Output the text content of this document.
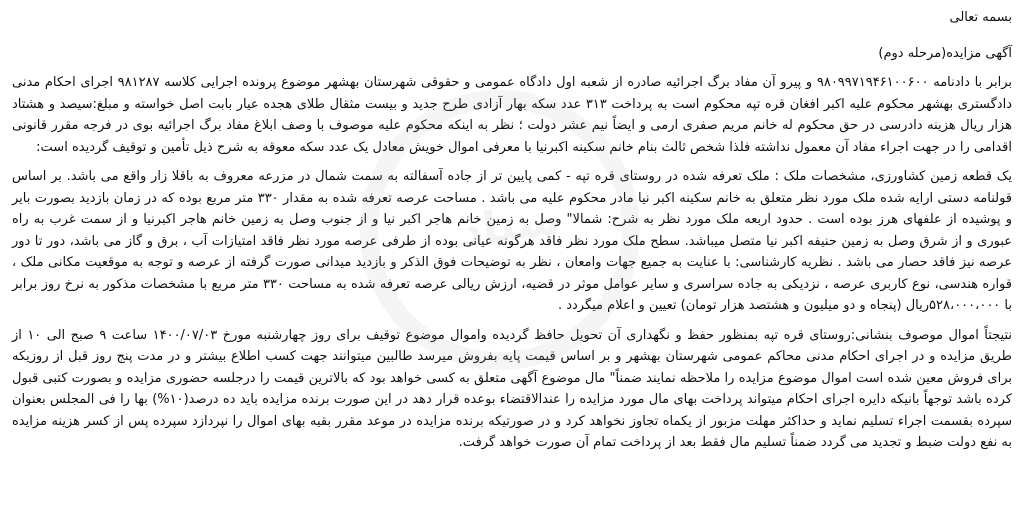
ستاد
بسمه تعالی
آگهی مزایده(مرحله دوم)

برابر با دادنامه ۹۸۰۹۹۷۱۹۴۶۱۰۰۶۰۰ و پیرو آن مفاد برگ اجرائیه صادره از شعبه اول دادگاه عمومی و حقوقی شهرستان بهشهر موضوع پرونده اجرایی کلاسه ۹۸۱۲۸۷ اجرای احکام مدنی دادگستری بهشهر محکوم علیه اکبر افغان قره تپه محکوم است به پرداخت ۳۱۳ عدد سکه بهار آزادی طرح جدید و بیست مثقال طلای هجده عیار بابت اصل خواسته و مبلغ:سیصد و هشتاد هزار ریال هزینه دادرسی در حق محکوم له خانم مریم صفری ارمی و ایضاً نیم عشر دولت ؛ نظر به اینکه محکوم علیه موصوف با وصف ابلاغ مفاد برگ اجرائیه بوی در فرجه مقرر قانونی اقدامی را در جهت اجراء مفاد آن معمول نداشته فلذا شخص ثالث بنام خانم سکینه اکبرنیا با معرفی اموال خویش معادل یک عدد سکه معوقه به شرح ذیل تأمین و توقیف گردیده است:

یک قطعه زمین کشاورزی، مشخصات ملک : ملک تعرفه شده در روستای قره تپه - کمی پایین تر از جاده آسفالته به سمت شمال در مزرعه معروف به باقلا زار واقع می باشد. بر اساس قولنامه دستی ارایه شده ملک مورد نظر متعلق به خانم سکینه اکبر نیا مادر محکوم علیه می باشد . مساحت عرصه تعرفه شده به مقدار ۳۳۰ متر مربع بوده که در زمان بازدید بصورت بایر و پوشیده از علفهای هرز بوده است . حدود اربعه ملک مورد نظر به شرح: شمالا" وصل به زمین خانم هاجر اکبر نیا و از جنوب وصل به زمین خانم هاجر اکبرنیا و از سمت غرب به راه عبوری و از شرق وصل به زمین حنیفه اکبر نیا متصل میباشد. سطح ملک مورد نظر فاقد هرگونه عیانی بوده از طرفی عرصه مورد نظر فاقد امتیازات آب ، برق و گاز می باشد، دور تا دور عرصه نیز فاقد حصار می باشد . نظریه کارشناسی: با عنایت به جمیع جهات وامعان ، نظر به توضیحات فوق الذکر و بازدید میدانی صورت گرفته از عرصه و توجه به موقعیت مکانی ملک ، قواره هندسی، نوع کاربری عرصه ، نزدیکی به جاده سراسری و سایر عوامل موثر در قضیه، ارزش ریالی عرصه تعرفه شده به مساحت ۳۳۰ متر مربع با مشخصات مذکور به نرخ روز برابر با ۵۲۸،۰۰۰،۰۰۰ریال (پنجاه و دو میلیون و هشتصد هزار تومان) تعیین و اعلام میگردد .

نتیجتاً اموال موصوف بنشانی:روستای قره تپه بمنظور حفظ و نگهداری آن تحویل حافظ گردیده واموال موضوع توقیف برای روز چهارشنبه مورخ ۱۴۰۰/۰۷/۰۳ ساعت ۹ صبح الی ۱۰ از طریق مزایده و در اجرای احکام مدنی محاکم عمومی شهرستان بهشهر و بر اساس قیمت پایه بفروش میرسد طالبین میتوانند جهت کسب اطلاع بیشتر و در مدت پنج روز قبل از روزیکه برای فروش معین شده است اموال موضوع مزایده را ملاحظه نمایند ضمناً" مال موضوع آگهی متعلق به کسی خواهد بود که بالاترین قیمت را درجلسه حضوری مزایده و بصورت کتبی قبول کرده باشد توجهاً بانیکه دایره اجرای احکام میتواند پرداخت بهای مال مورد مزایده را عندالاقتضاء بوعده قرار دهد در این صورت برنده مزایده باید ده درصد(۱۰%) بها را فی المجلس بعنوان سپرده بقسمت اجراء تسلیم نماید و حداکثر مهلت مزبور از یکماه تجاوز نخواهد کرد و در صورتیکه برنده مزایده در موعد مقرر بقیه بهای اموال را نپردازد سپرده پس از کسر هزینه مزایده به نفع دولت ضبط و تجدید می گردد ضمناً تسلیم مال فقط بعد از پرداخت تمام آن صورت خواهد گرفت.
